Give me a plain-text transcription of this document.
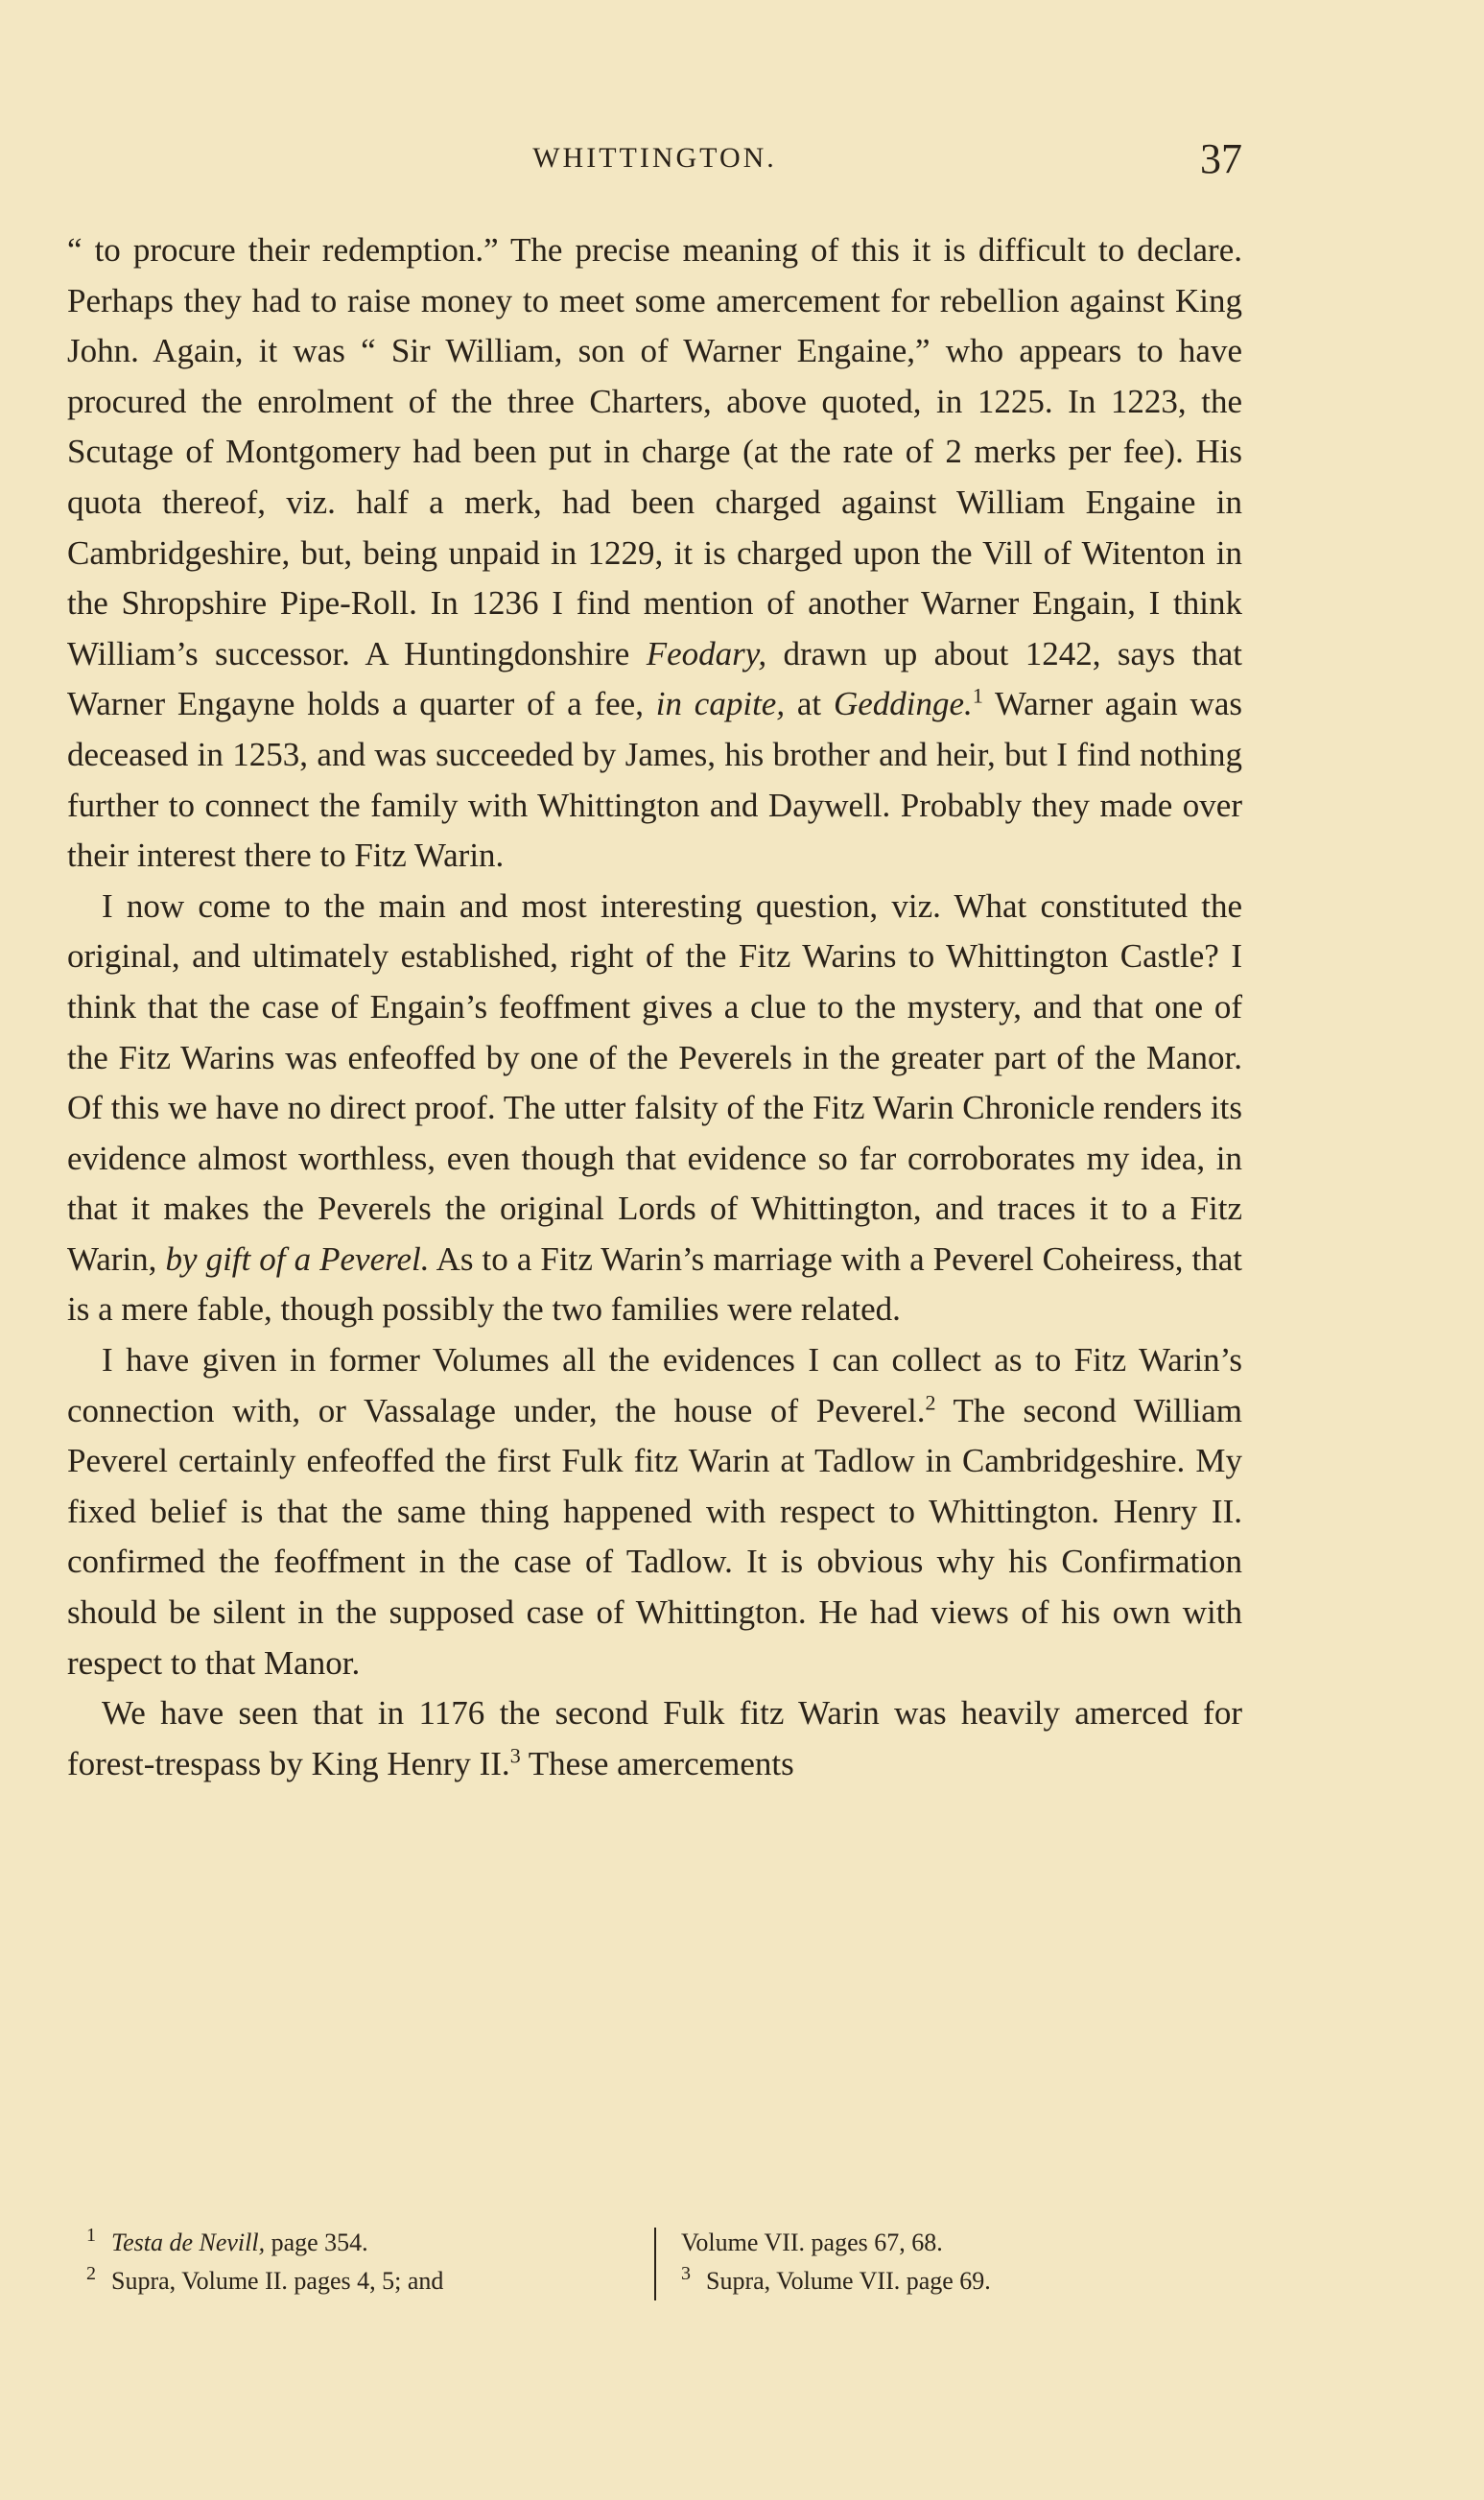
WHITTINGTON.	37

“ to procure their redemption.” The precise meaning of this it is difficult to declare. Perhaps they had to raise money to meet some amercement for rebellion against King John. Again, it was “ Sir William, son of Warner Engaine,” who appears to have procured the enrolment of the three Charters, above quoted, in 1225. In 1223, the Scutage of Montgomery had been put in charge (at the rate of 2 merks per fee). His quota thereof, viz. half a merk, had been charged against William Engaine in Cambridgeshire, but, being unpaid in 1229, it is charged upon the Vill of Witenton in the Shropshire Pipe-Roll. In 1236 I find mention of another Warner Engain, I think William’s successor. A Huntingdonshire Feodary, drawn up about 1242, says that Warner Engayne holds a quarter of a fee, in capite, at Geddinge.$^1$ Warner again was deceased in 1253, and was succeeded by James, his brother and heir, but I find nothing further to connect the family with Whittington and Daywell. Probably they made over their interest there to Fitz Warin.

I now come to the main and most interesting question, viz. What constituted the original, and ultimately established, right of the Fitz Warins to Whittington Castle? I think that the case of Engain’s feoffment gives a clue to the mystery, and that one of the Fitz Warins was enfeoffed by one of the Peverels in the greater part of the Manor. Of this we have no direct proof. The utter falsity of the Fitz Warin Chronicle renders its evidence almost worthless, even though that evidence so far corroborates my idea, in that it makes the Peverels the original Lords of Whittington, and traces it to a Fitz Warin, by gift of a Peverel. As to a Fitz Warin’s marriage with a Peverel Coheiress, that is a mere fable, though possibly the two families were related.

I have given in former Volumes all the evidences I can collect as to Fitz Warin’s connection with, or Vassalage under, the house of Peverel.$^2$ The second William Peverel certainly enfeoffed the first Fulk fitz Warin at Tadlow in Cambridgeshire. My fixed belief is that the same thing happened with respect to Whittington. Henry II. confirmed the feoffment in the case of Tadlow. It is obvious why his Confirmation should be silent in the supposed case of Whittington. He had views of his own with respect to that Manor.

We have seen that in 1176 the second Fulk fitz Warin was heavily amerced for forest-trespass by King Henry II.$^3$ These amercements

1 Testa de Nevill, page 354.
2 Supra, Volume II. pages 4, 5; and
Volume VII. pages 67, 68.
3 Supra, Volume VII. page 69.
